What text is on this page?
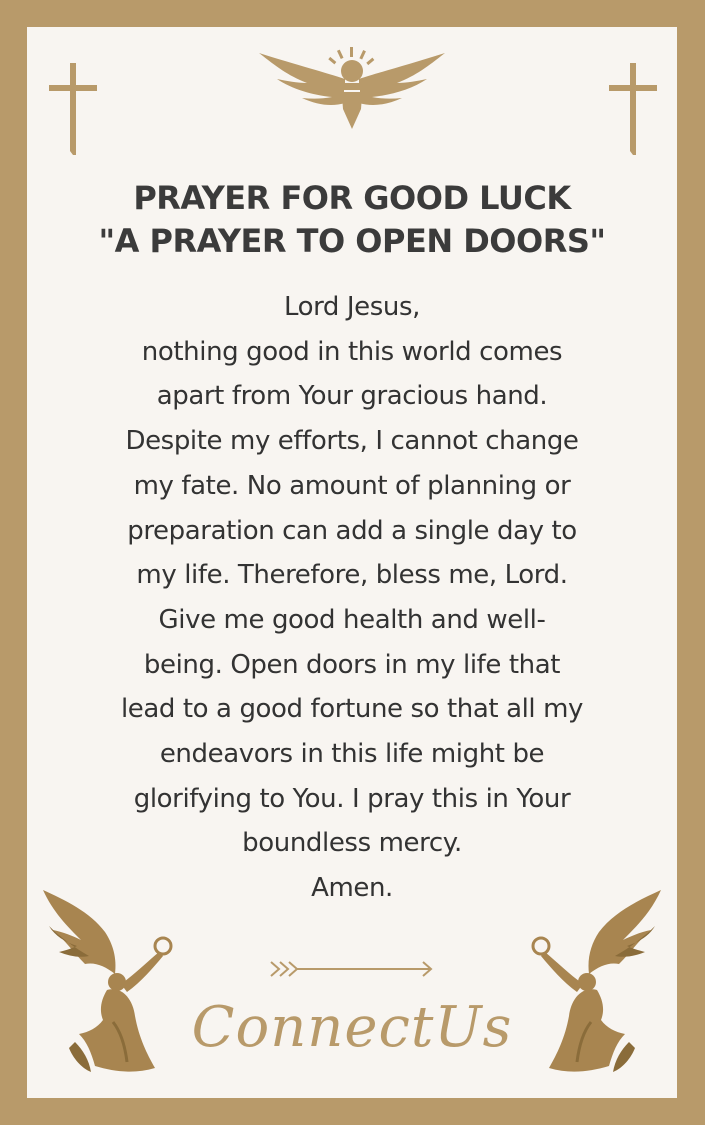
PRAYER FOR GOOD LUCK
"A PRAYER TO OPEN DOORS"
Lord Jesus,
nothing good in this world comes
apart from Your gracious hand.
Despite my efforts, I cannot change
my fate. No amount of planning or
preparation can add a single day to
my life. Therefore, bless me, Lord.
Give me good health and well-
being. Open doors in my life that
lead to a good fortune so that all my
endeavors in this life might be
glorifying to You. I pray this in Your
boundless mercy.
Amen.
ConnectUs
